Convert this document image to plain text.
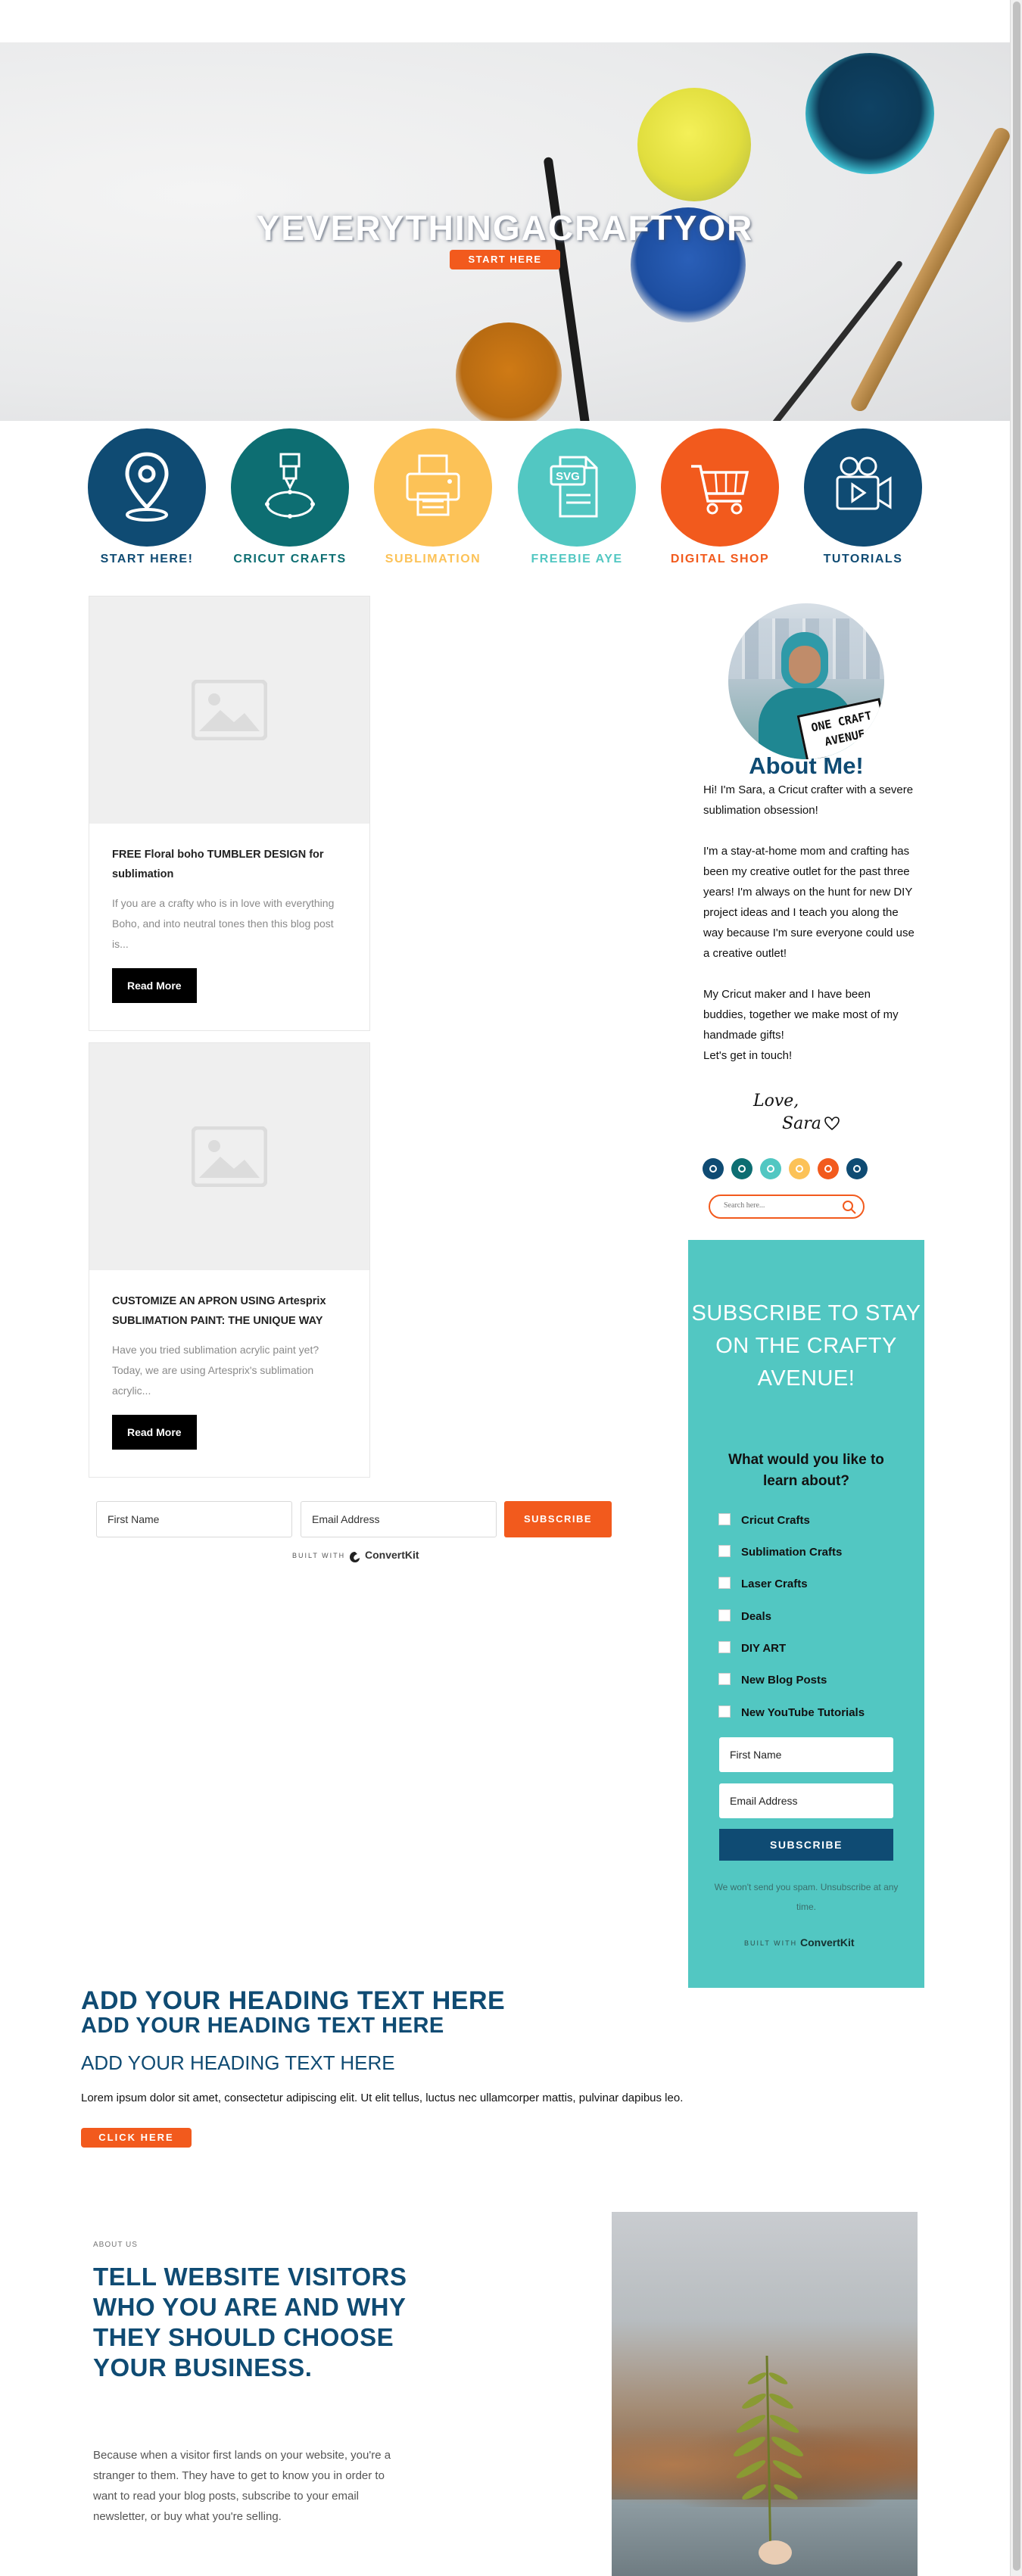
YEVERYTHINGACRAFTYOR
START HERE
START HERE!	CRICUT CRAFTS	SUBLIMATION
SVG
FREEBIE AYE	DIGITAL SHOP	TUTORIALS
FREE Floral boho TUMBLER DESIGN for sublimation
If you are a crafty who is in love with everything Boho, and into neutral tones then this blog post is...
Read More
CUSTOMIZE AN APRON USING Artesprix SUBLIMATION PAINT: THE UNIQUE WAY
Have you tried sublimation acrylic paint yet? Today, we are using Artesprix's sublimation acrylic...
Read More
First Name	Email Address	SUBSCRIBE
BUILT WITH ConvertKit
ONE CRAFT AVENUE
About Me!

Hi! I'm Sara, a Cricut crafter with a severe sublimation obsession!

I'm a stay-at-home mom and crafting has been my creative outlet for the past three years! I'm always on the hunt for new DIY project ideas and I teach you along the way because I'm sure everyone could use a creative outlet!

My Cricut maker and I have been buddies, together we make most of my handmade gifts!

Let's get in touch!
Love,
Sara
Search here...
SUBSCRIBE TO STAY ON THE CRAFTY AVENUE!
What would you like to learn about?
Cricut Crafts
Sublimation Crafts
Laser Crafts
Deals
DIY ART
New Blog Posts
New YouTube Tutorials
First Name
Email Address
SUBSCRIBE
We won't send you spam. Unsubscribe at any time.
BUILT WITH ConvertKit
ADD YOUR HEADING TEXT HERE
ADD YOUR HEADING TEXT HERE
ADD YOUR HEADING TEXT HERE
Lorem ipsum dolor sit amet, consectetur adipiscing elit. Ut elit tellus, luctus nec ullamcorper mattis, pulvinar dapibus leo.
CLICK HERE
ABOUT US
TELL WEBSITE VISITORS WHO YOU ARE AND WHY THEY SHOULD CHOOSE YOUR BUSINESS.
Because when a visitor first lands on your website, you're a stranger to them. They have to get to know you in order to want to read your blog posts, subscribe to your email newsletter, or buy what you're selling.
